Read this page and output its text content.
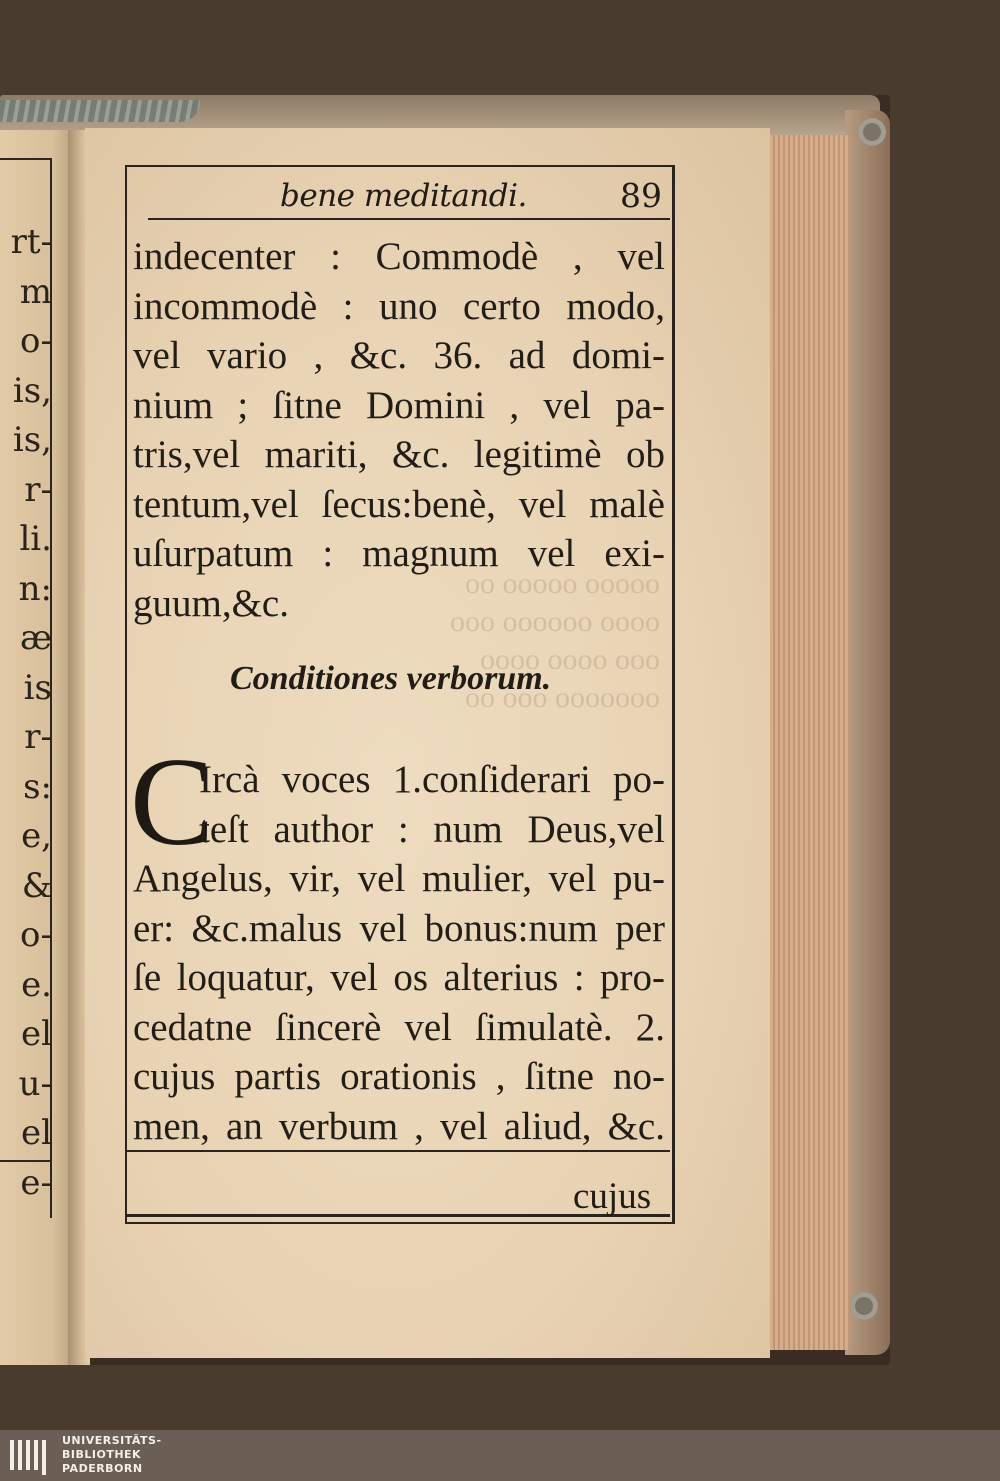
rt-
m
o-
is,
is,
r-
li.
n:
æ
is
r-
s:
e,
&
o-
e.
el
u-
el
e-
ooooo ooooo oo
oooo oooooo ooo
ooo oooo oooo
ooooooo ooo oo
bene meditandi.	89
indecenter : Commodè , vel
incommodè : uno certo modo,
vel vario , &c. 36. ad domi-
nium ; ſitne Domini , vel pa-
tris,vel mariti, &c. legitimè ob
tentum,vel ſecus:benè, vel malè
uſurpatum : magnum vel exi-
guum,&c.
Conditiones verborum.
C
Ircà voces 1.conſiderari po-
teſt author : num Deus,vel
Angelus, vir, vel mulier, vel pu-
er: &c.malus vel bonus:num per
ſe loquatur, vel os alterius : pro-
cedatne ſincerè vel ſimulatè. 2.
cujus partis orationis , ſitne no-
men, an verbum , vel aliud, &c.
cujus
UNIVERSITÄTS-
BIBLIOTHEK
PADERBORN
